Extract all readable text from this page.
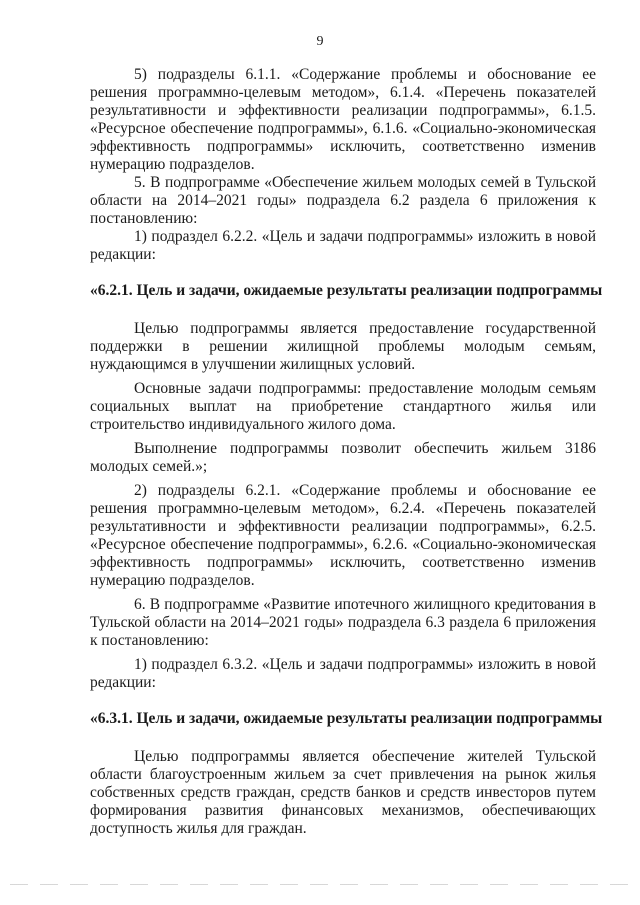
9

5) подразделы 6.1.1. «Содержание проблемы и обоснование ее решения программно-целевым методом», 6.1.4. «Перечень показателей результативности и эффективности реализации подпрограммы», 6.1.5. «Ресурсное обеспечение подпрограммы», 6.1.6. «Социально-экономическая эффективность подпрограммы» исключить, соответственно изменив нумерацию подразделов.

5. В подпрограмме «Обеспечение жильем молодых семей в Тульской области на 2014–2021 годы» подраздела 6.2 раздела 6 приложения к постановлению:

1) подраздел 6.2.2. «Цель и задачи подпрограммы» изложить в новой редакции:

«6.2.1. Цель и задачи, ожидаемые результаты реализации подпрограммы

Целью подпрограммы является предоставление государственной поддержки в решении жилищной проблемы молодым семьям, нуждающимся в улучшении жилищных условий.

Основные задачи подпрограммы: предоставление молодым семьям социальных выплат на приобретение стандартного жилья или строительство индивидуального жилого дома.

Выполнение подпрограммы позволит обеспечить жильем 3186 молодых семей.»;

2) подразделы 6.2.1. «Содержание проблемы и обоснование ее решения программно-целевым методом», 6.2.4. «Перечень показателей результативности и эффективности реализации подпрограммы», 6.2.5. «Ресурсное обеспечение подпрограммы», 6.2.6. «Социально-экономическая эффективность подпрограммы» исключить, соответственно изменив нумерацию подразделов.

6. В подпрограмме «Развитие ипотечного жилищного кредитования в Тульской области на 2014–2021 годы» подраздела 6.3 раздела 6 приложения к постановлению:

1) подраздел 6.3.2. «Цель и задачи подпрограммы» изложить в новой редакции:

«6.3.1. Цель и задачи, ожидаемые результаты реализации подпрограммы

Целью подпрограммы является обеспечение жителей Тульской области благоустроенным жильем за счет привлечения на рынок жилья собственных средств граждан, средств банков и средств инвесторов путем формирования развития финансовых механизмов, обеспечивающих доступность жилья для граждан.
